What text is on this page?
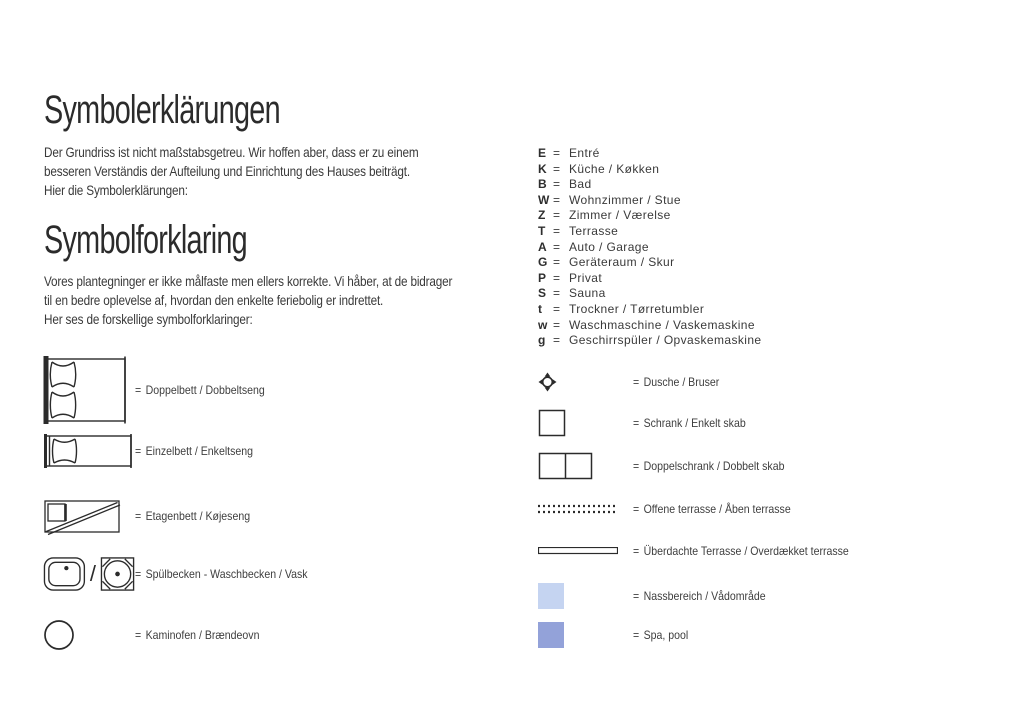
Symbolerklärungen
Der Grundriss ist nicht maßstabsgetreu. Wir hoffen aber, dass er zu einem
besseren Verständis der Aufteilung und Einrichtung des Hauses beiträgt.
Hier die Symbolerklärungen:
Symbolforklaring
Vores plantegninger er ikke målfaste men ellers korrekte. Vi håber, at de bidrager
til en bedre oplevelse af, hvordan den enkelte feriebolig er indrettet.
Her ses de forskellige symbolforklaringer:
E = Entré
K = Küche / Køkken
B = Bad
W = Wohnzimmer / Stue
Z = Zimmer / Værelse
T = Terrasse
A = Auto / Garage
G = Geräteraum / Skur
P = Privat
S = Sauna
t = Trockner / Tørretumbler
w = Waschmaschine / Vaskemaskine
g = Geschirrspüler / Opvaskemaskine
= Doppelbett / Dobbeltseng
= Einzelbett / Enkeltseng
= Etagenbett / Køjeseng
/	= Spülbecken - Waschbecken / Vask
= Kaminofen / Brændeovn
= Dusche / Bruser
= Schrank / Enkelt skab
= Doppelschrank / Dobbelt skab
= Offene terrasse / Åben terrasse
= Überdachte Terrasse / Overdækket terrasse
= Nassbereich / Vådområde
= Spa, pool
